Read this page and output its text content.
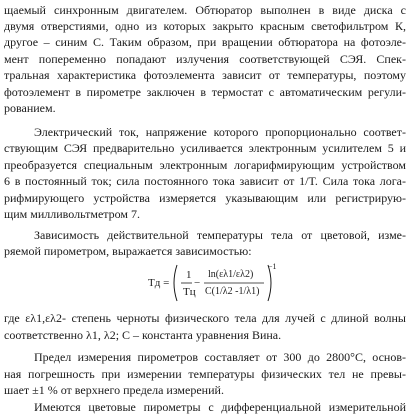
щаемый синхронным двигателем. Обтюратор выполнен в виде диска с
двумя отверстиями, одно из которых закрыто красным светофильтром К,
другое – синим С. Таким образом, при вращении обтюратора на фотоэле-
мент попеременно попадают излучения соответствующей СЭЯ. Спек-
тральная характеристика фотоэлемента зависит от температуры, поэтому
фотоэлемент в пирометре заключен в термостат с автоматическим регули-
рованием.
Электрический ток, напряжение которого пропорционально соответ-
ствующим СЭЯ предварительно усиливается электронным усилителем 5 и
преобразуется специальным электронным логарифмирующим устройством
6 в постоянный ток; сила постоянного тока зависит от 1/T. Сила тока лога-
рифмирующего устройства измеряется указывающим или регистрирую-
щим милливольтметром 7.
Зависимость действительной температуры тела от цветовой, изме-
ряемой пирометром, выражается зависимостью:
Tд =
1
Tц
−
ln(ελ1/ελ2)
C(1/λ2 -1/λ1)
−1
где ελ1,ελ2- степень черноты физического тела для лучей с длиной волны
соответственно λ1, λ2; С – константа уравнения Вина.
Предел измерения пирометров составляет от 300 до 2800°С, основ-
ная погрешность при измерении температуры физических тел не превы-
шает ±1 % от верхнего предела измерений.
Имеются цветовые пирометры с дифференциальной измерительной
